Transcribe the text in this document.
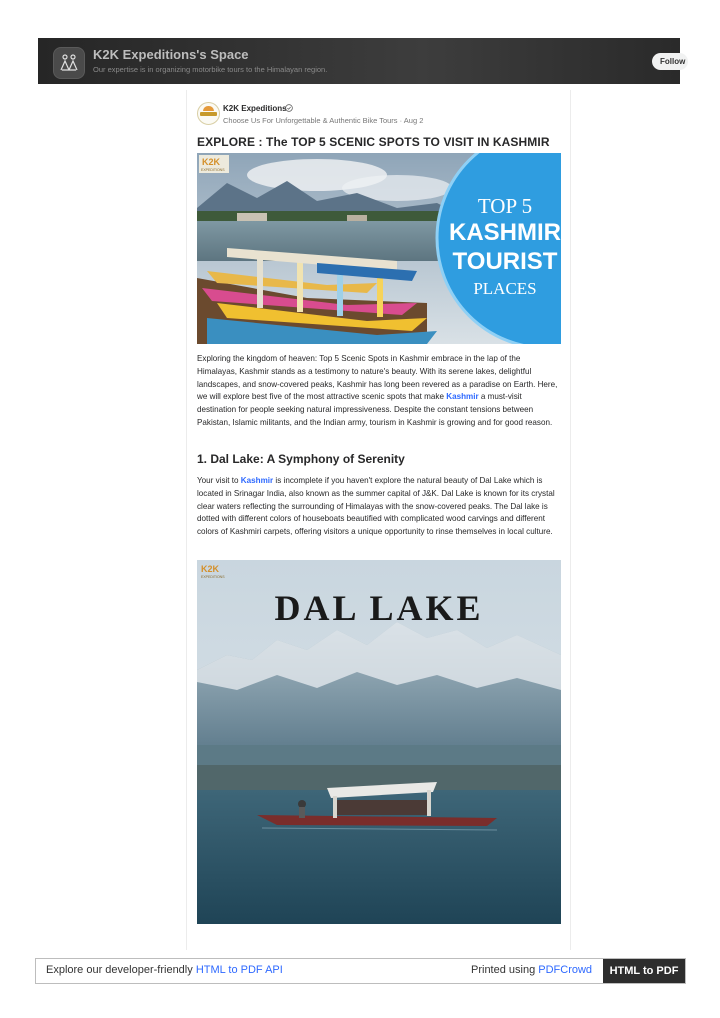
K2K Expeditions's Space
Our expertise is in organizing motorbike tours to the Himalayan region.
Follow
K2K Expeditions
Choose Us For Unforgettable & Authentic Bike Tours · Aug 2
EXPLORE : The TOP 5 SCENIC SPOTS TO VISIT IN KASHMIR
K2K
EXPEDITIONS
TOP 5
KASHMIR
TOURIST
PLACES
Exploring the kingdom of heaven: Top 5 Scenic Spots in Kashmir embrace in the lap of the Himalayas, Kashmir stands as a testimony to nature's beauty. With its serene lakes, delightful landscapes, and snow-covered peaks, Kashmir has long been revered as a paradise on Earth. Here, we will explore best five of the most attractive scenic spots that make Kashmir a must-visit destination for people seeking natural impressiveness. Despite the constant tensions between Pakistan, Islamic militants, and the Indian army, tourism in Kashmir is growing and for good reason.
1. Dal Lake: A Symphony of Serenity
Your visit to Kashmir is incomplete if you haven't explore the natural beauty of Dal Lake which is located in Srinagar India, also known as the summer capital of J&K. Dal Lake is known for its crystal clear waters reflecting the surrounding of Himalayas with the snow-covered peaks. The Dal lake is dotted with different colors of houseboats beautified with complicated wood carvings and different colors of Kashmiri carpets, offering visitors a unique opportunity to rinse themselves in local culture.
K2K
EXPEDITIONS
DAL LAKE
Explore our developer-friendly HTML to PDF API	Printed using PDFCrowd	HTML to PDF
